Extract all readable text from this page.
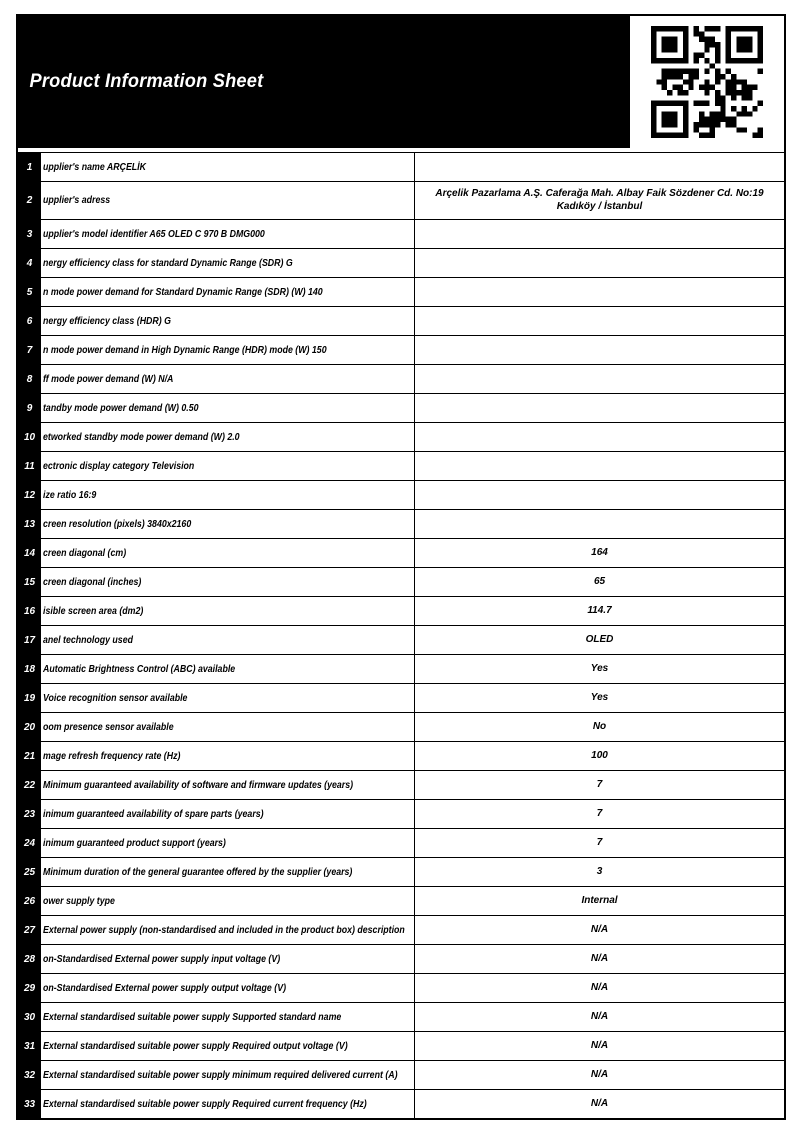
Product Information Sheet
1	upplier's name ARÇELİK
2	upplier's adress
Arçelik Pazarlama A.Ş. Caferağa Mah. Albay Faik Sözdener Cd. No:19 Kadıköy / İstanbul
3	upplier's model identifier A65 OLED C 970 B DMG000
4	nergy efficiency class for standard Dynamic Range (SDR) G
5	n mode power demand for Standard Dynamic Range (SDR) (W) 140
6	nergy efficiency class (HDR) G
7	n mode power demand in High Dynamic Range (HDR) mode (W) 150
8	ff mode power demand (W) N/A
9	tandby mode power demand (W) 0.50
10 etworked standby mode power demand (W) 2.0
11 ectronic display category Television
12 ize ratio 16:9
13 creen resolution (pixels) 3840x2160
14 creen diagonal (cm)	164
15 creen diagonal (inches)	65
16 isible screen area (dm2)	114.7
17 anel technology used	OLED
18 Automatic Brightness Control (ABC) available	Yes
19 Voice recognition sensor available	Yes
20 oom presence sensor available	No
21 mage refresh frequency rate (Hz)	100
22 Minimum guaranteed availability of software and firmware updates (years)	7
23 inimum guaranteed availability of spare parts (years)	7
24 inimum guaranteed product support (years)	7
25 Minimum duration of the general guarantee offered by the supplier (years)	3
26 ower supply type	Internal
27 External power supply (non-standardised and included in the product box) description	N/A
28 on-Standardised External power supply input voltage (V)	N/A
29 on-Standardised External power supply output voltage (V)	N/A
30 External standardised suitable power supply Supported standard name	N/A
31 External standardised suitable power supply Required output voltage (V)	N/A
32 External standardised suitable power supply minimum required delivered current (A)	N/A
33 External standardised suitable power supply Required current frequency (Hz)	N/A
